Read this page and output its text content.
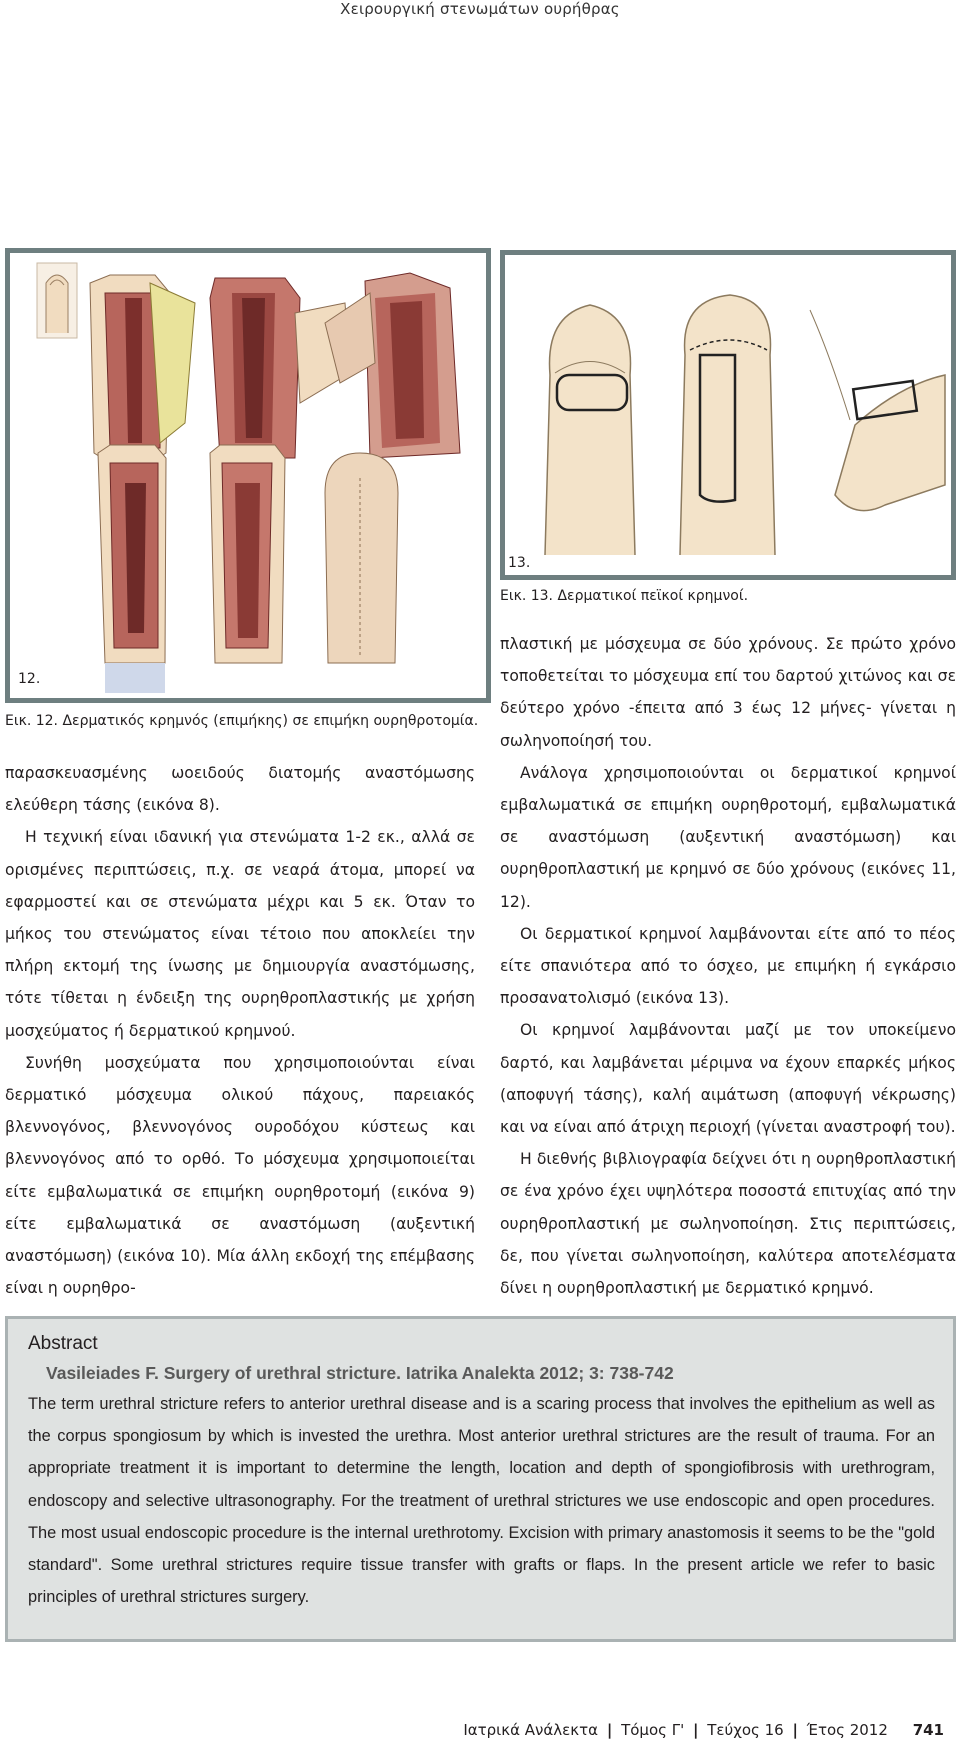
Χειρουργική στενωμάτων ουρήθρας
12.
Εικ. 12. Δερματικός κρημνός (επιμήκης) σε επιμήκη ουρηθροτομία.
13.
Εικ. 13. Δερματικοί πεϊκοί κρημνοί.

παρασκευασμένης ωοειδούς διατομής αναστόμωσης ελεύθερη τάσης (εικόνα 8).

Η τεχνική είναι ιδανική για στενώματα 1-2 εκ., αλλά σε ορισμένες περιπτώσεις, π.χ. σε νεαρά άτομα, μπορεί να εφαρμοστεί και σε στενώματα μέχρι και 5 εκ. Όταν το μήκος του στενώματος είναι τέτοιο που αποκλείει την πλήρη εκτομή της ίνωσης με δημιουργία αναστόμωσης, τότε τίθεται η ένδειξη της ουρηθροπλαστικής με χρήση μοσχεύματος ή δερματικού κρημνού.

Συνήθη μοσχεύματα που χρησιμοποιούνται είναι δερματικό μόσχευμα ολικού πάχους, παρειακός βλεννογόνος, βλεννογόνος ουροδόχου κύστεως και βλεννογόνος από το ορθό. Το μόσχευμα χρησιμοποιείται είτε εμβαλωματικά σε επιμήκη ουρηθροτομή (εικόνα 9) είτε εμβαλωματικά σε αναστόμωση (αυξεντική αναστόμωση) (εικόνα 10). Μία άλλη εκδοχή της επέμβασης είναι η ουρηθρο-

πλαστική με μόσχευμα σε δύο χρόνους. Σε πρώτο χρόνο τοποθετείται το μόσχευμα επί του δαρτού χιτώνος και σε δεύτερο χρόνο -έπειτα από 3 έως 12 μήνες- γίνεται η σωληνοποίησή του.

Ανάλογα χρησιμοποιούνται οι δερματικοί κρημνοί εμβαλωματικά σε επιμήκη ουρηθροτομή, εμβαλωματικά σε αναστόμωση (αυξεντική αναστόμωση) και ουρηθροπλαστική με κρημνό σε δύο χρόνους (εικόνες 11, 12).

Οι δερματικοί κρημνοί λαμβάνονται είτε από το πέος είτε σπανιότερα από το όσχεο, με επιμήκη ή εγκάρσιο προσανατολισμό (εικόνα 13).

Οι κρημνοί λαμβάνονται μαζί με τον υποκείμενο δαρτό, και λαμβάνεται μέριμνα να έχουν επαρκές μήκος (αποφυγή τάσης), καλή αιμάτωση (αποφυγή νέκρωσης) και να είναι από άτριχη περιοχή (γίνεται αναστροφή του).

Η διεθνής βιβλιογραφία δείχνει ότι η ουρηθροπλαστική σε ένα χρόνο έχει υψηλότερα ποσοστά επιτυχίας από την ουρηθροπλαστική με σωληνοποίηση. Στις περιπτώσεις, δε, που γίνεται σωληνοποίηση, καλύτερα αποτελέσματα δίνει η ουρηθροπλαστική με δερματικό κρημνό.

Abstract
Vasileiades F. Surgery of urethral stricture. Iatrika Analekta 2012; 3: 738-742
The term urethral stricture refers to anterior urethral disease and is a scaring process that involves the epithelium as well as the corpus spongiosum by which is invested the urethra. Most anterior urethral strictures are the result of trauma. For an appropriate treatment it is important to determine the length, location and depth of spongiofibrosis with urethrogram, endoscopy and selective ultrasonography. For the treatment of urethral strictures we use endoscopic and open procedures. The most usual endoscopic procedure is the internal urethrotomy. Excision with primary anastomosis it seems to be the "gold standard". Some urethral strictures require tissue transfer with grafts or flaps. In the present article we refer to basic principles of urethral strictures surgery.
Ιατρικά Ανάλεκτα | Τόμος Γ' | Τεύχος 16 | Έτος 2012 741
